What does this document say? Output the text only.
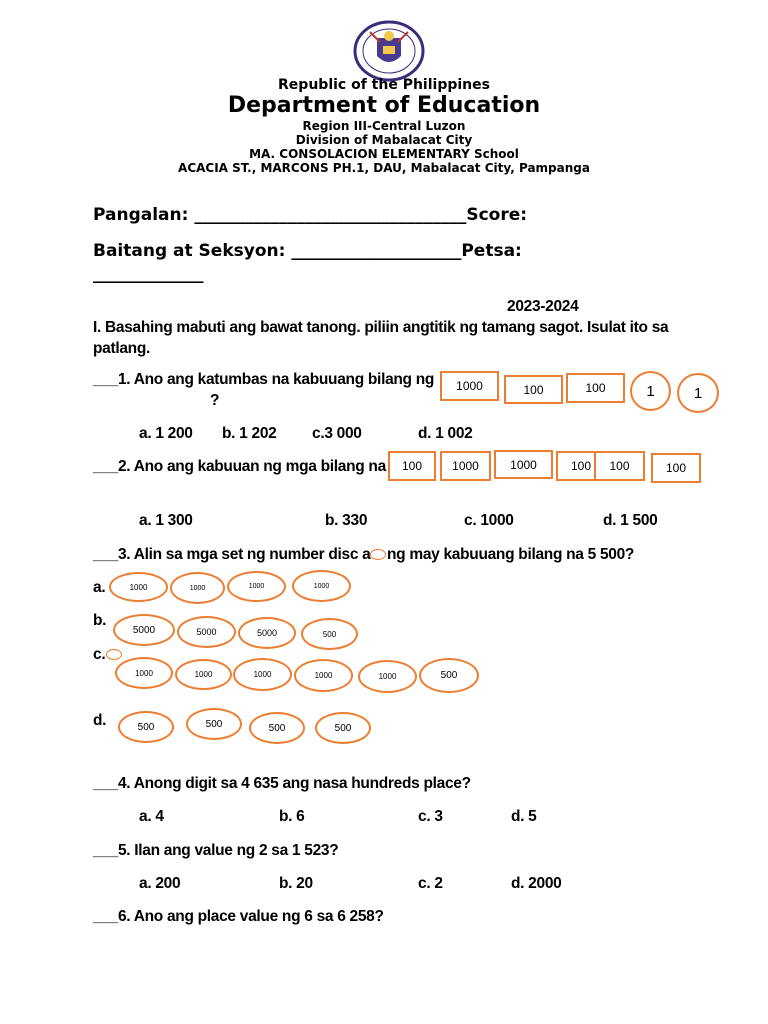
Republic of the Philippines
Department of Education
Region III-Central Luzon
Division of Mabalacat City
MA. CONSOLACION ELEMENTARY School
ACACIA ST., MARCONS PH.1, DAU, Mabalacat City, Pampanga
Pangalan: ________________________________Score:
Baitang at Seksyon: ____________________Petsa:
_____________
2023-2024
I. Basahing mabuti ang bawat tanong. piliin angtitik ng tamang sagot. Isulat ito sa patlang.
___1. Ano ang katumbas na kabuuang bilang ng
?
1000	100	100	1	1
a. 1 200 b. 1 202 c.3 000	d. 1 002
___2. Ano ang kabuuan ng mga bilang na	100	1000	1000	100	100	100
a. 1 300	b. 330	c. 1000	d. 1 500
___3. Alin sa mga set ng number disc a ng may kabuuang bilang na 5 500?
a.	1000	1000	1000	1000
b.
5000	5000	5000	500
c.
1000	1000	1000	1000	1000	500
d.	500	500	500	500
___4. Anong digit sa 4 635 ang nasa hundreds place?
a. 4	b. 6	c. 3	d. 5
___5. Ilan ang value ng 2 sa 1 523?
a. 200	b. 20	c. 2	d. 2000
___6. Ano ang place value ng 6 sa 6 258?
